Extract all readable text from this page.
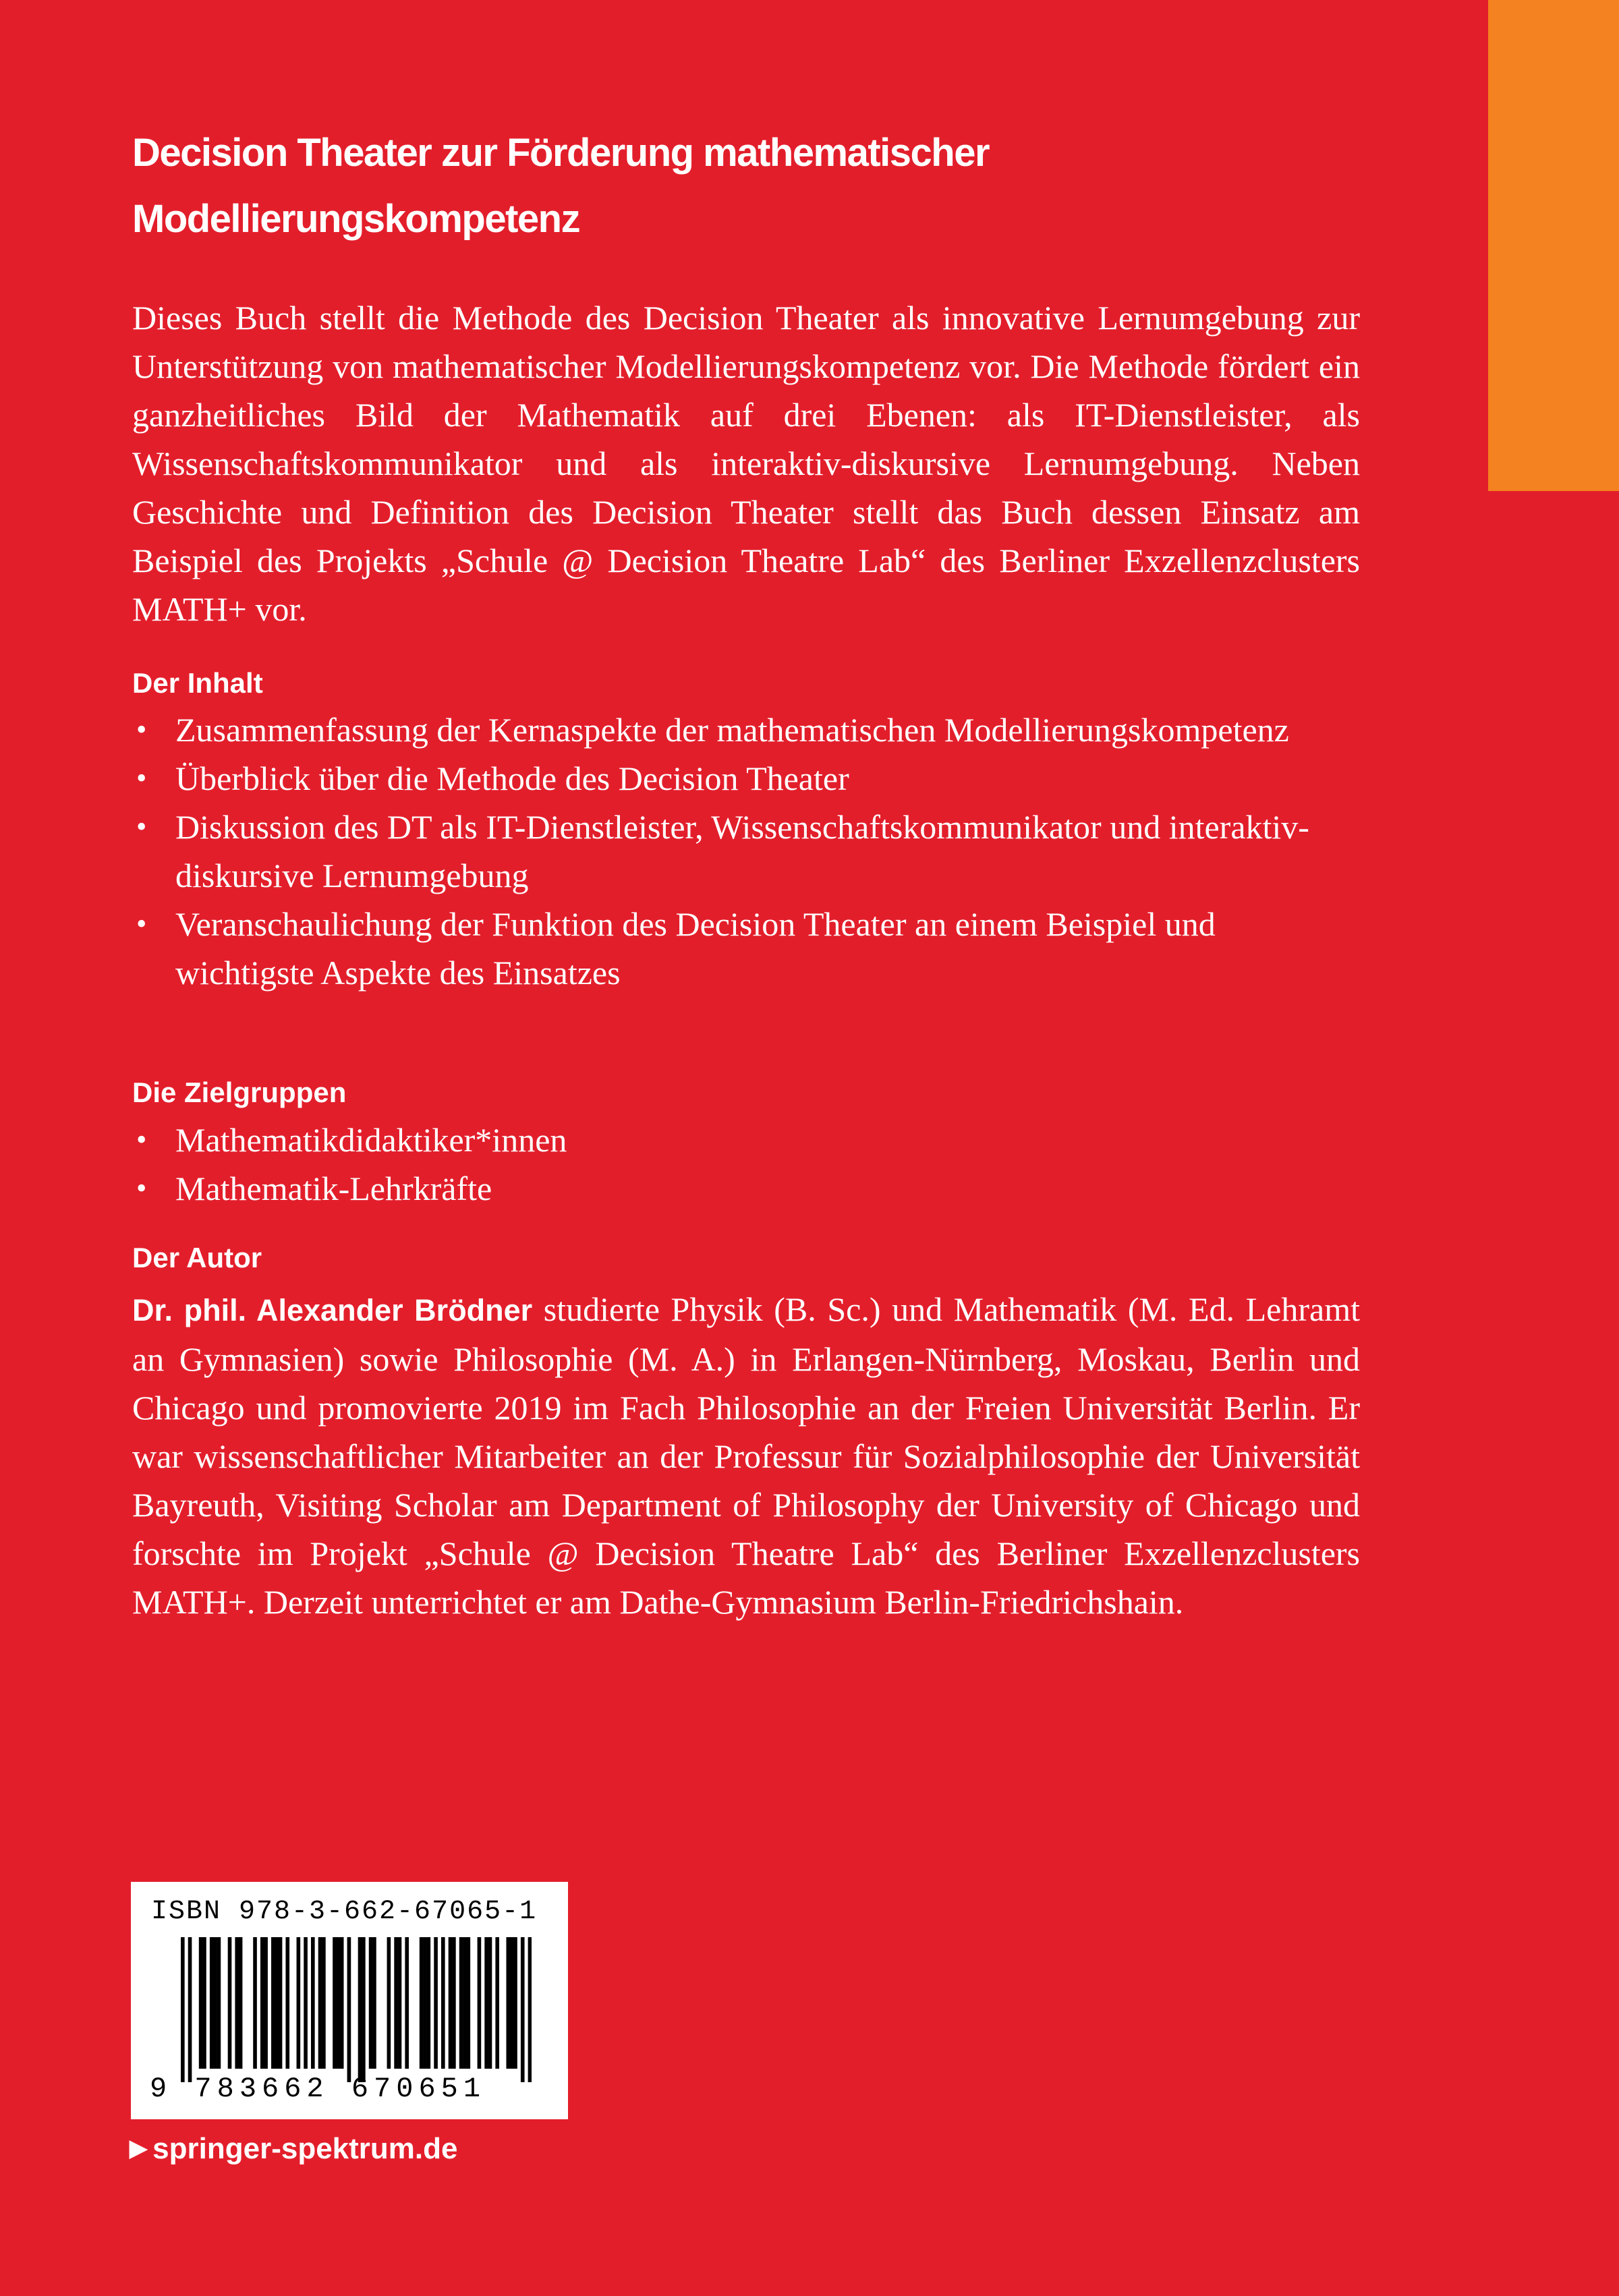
Decision Theater zur Förderung mathematischer
Modellierungskompetenz

Dieses Buch stellt die Methode des Decision Theater als innovative Lernumgebung zur Unterstützung von mathematischer Modellierungskompetenz vor. Die Methode fördert ein ganzheitliches Bild der Mathematik auf drei Ebenen: als IT-Dienstleister, als Wissenschaftskommunikator und als interaktiv-diskursive Lernumgebung. Neben Geschichte und Definition des Decision Theater stellt das Buch dessen Einsatz am Beispiel des Projekts „Schule @ Decision Theatre Lab“ des Berliner Exzellenzclusters MATH+ vor.

Der Inhalt
• Zusammenfassung der Kernaspekte der mathematischen Modellierungskompetenz
• Überblick über die Methode des Decision Theater
• Diskussion des DT als IT-Dienstleister, Wissenschaftskommunikator und interaktiv-diskursive Lernumgebung
• Veranschaulichung der Funktion des Decision Theater an einem Beispiel und wichtigste Aspekte des Einsatzes
Die Zielgruppen
• Mathematikdidaktiker*innen
• Mathematik-Lehrkräfte
Der Autor

Dr. phil. Alexander Brödner studierte Physik (B. Sc.) und Mathematik (M. Ed. Lehramt an Gymnasien) sowie Philosophie (M. A.) in Erlangen-Nürnberg, Moskau, Berlin und Chicago und promovierte 2019 im Fach Philosophie an der Freien Universität Berlin. Er war wissenschaftlicher Mitarbeiter an der Professur für Sozialphilosophie der Universität Bayreuth, Visiting Scholar am Department of Philosophy der University of Chicago und forschte im Projekt „Schule @ Decision Theatre Lab“ des Berliner Exzellenzclusters MATH+. Derzeit unterrichtet er am Dathe-Gymnasium Berlin-Friedrichshain.

ISBN 978-3-662-67065-1
9 783662 670651
▶ springer-spektrum.de
